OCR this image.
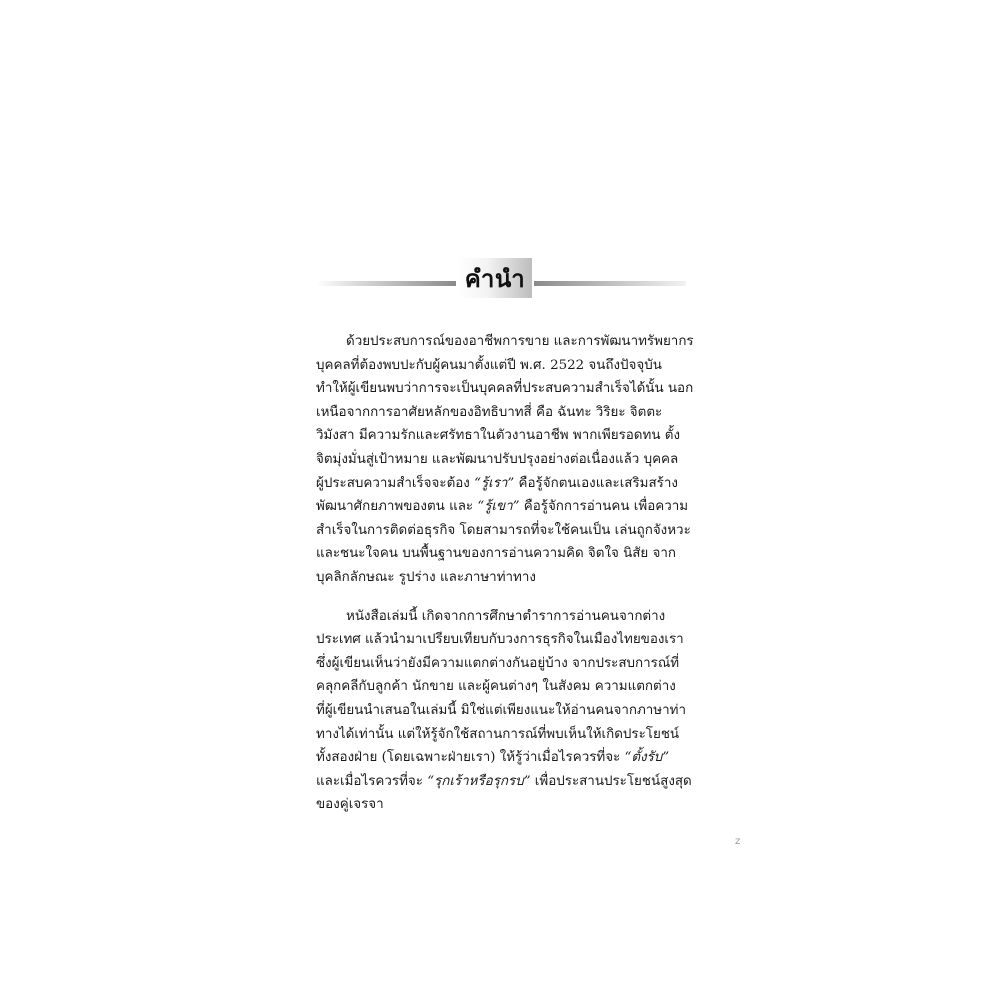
คำนำ

ด้วยประสบการณ์ของอาชีพการขาย และการพัฒนาทรัพยากร
บุคคลที่ต้องพบปะกับผู้คนมาตั้งแต่ปี พ.ศ. 2522 จนถึงปัจจุบัน
ทำให้ผู้เขียนพบว่าการจะเป็นบุคคลที่ประสบความสำเร็จได้นั้น นอก
เหนือจากการอาศัยหลักของอิทธิบาทสี่ คือ ฉันทะ วิริยะ จิตตะ
วิมังสา มีความรักและศรัทธาในตัวงานอาชีพ พากเพียรอดทน ตั้ง
จิตมุ่งมั่นสู่เป้าหมาย และพัฒนาปรับปรุงอย่างต่อเนื่องแล้ว บุคคล
ผู้ประสบความสำเร็จจะต้อง “รู้เรา” คือรู้จักตนเองและเสริมสร้าง
พัฒนาศักยภาพของตน และ “รู้เขา” คือรู้จักการอ่านคน เพื่อความ
สำเร็จในการติดต่อธุรกิจ โดยสามารถที่จะใช้คนเป็น เล่นถูกจังหวะ
และชนะใจคน บนพื้นฐานของการอ่านความคิด จิตใจ นิสัย จาก
บุคลิกลักษณะ รูปร่าง และภาษาท่าทาง

หนังสือเล่มนี้ เกิดจากการศึกษาตำราการอ่านคนจากต่าง
ประเทศ แล้วนำมาเปรียบเทียบกับวงการธุรกิจในเมืองไทยของเรา
ซึ่งผู้เขียนเห็นว่ายังมีความแตกต่างกันอยู่บ้าง จากประสบการณ์ที่
คลุกคลีกับลูกค้า นักขาย และผู้คนต่างๆ ในสังคม ความแตกต่าง
ที่ผู้เขียนนำเสนอในเล่มนี้ มิใช่แต่เพียงแนะให้อ่านคนจากภาษาท่า
ทางได้เท่านั้น แต่ให้รู้จักใช้สถานการณ์ที่พบเห็นให้เกิดประโยชน์
ทั้งสองฝ่าย (โดยเฉพาะฝ่ายเรา) ให้รู้ว่าเมื่อไรควรที่จะ “ตั้งรับ”
และเมื่อไรควรที่จะ “รุกเร้าหรือรุกรบ” เพื่อประสานประโยชน์สูงสุด
ของคู่เจรจา

z
